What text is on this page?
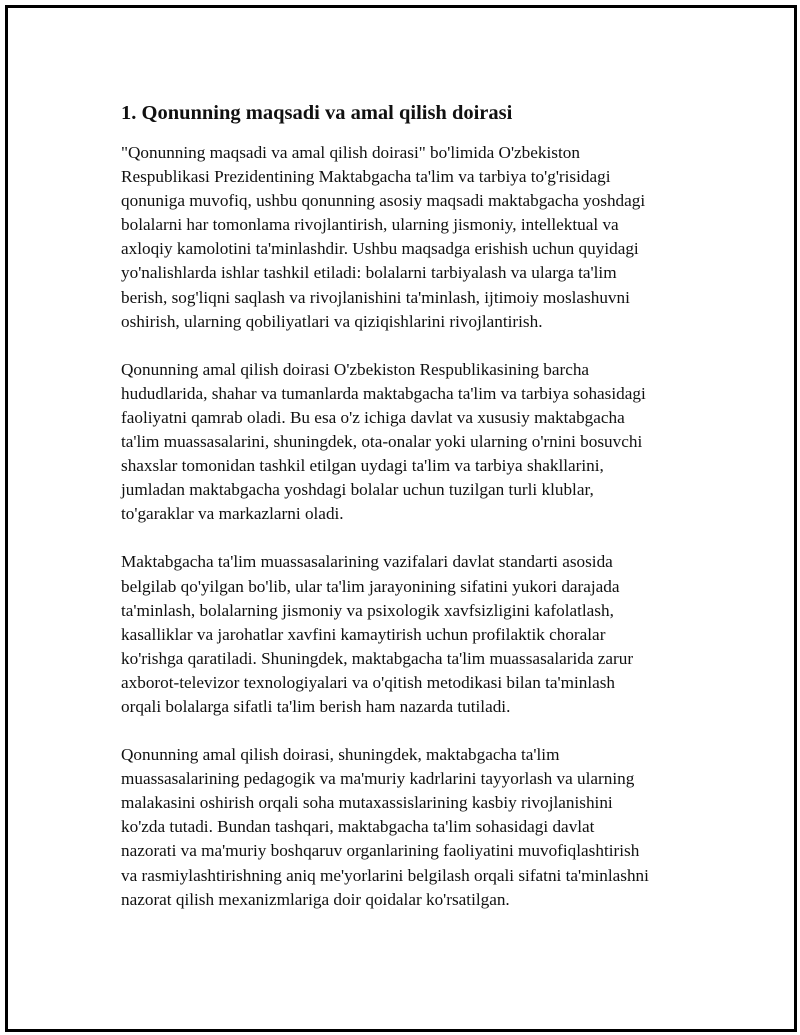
1. Qonunning maqsadi va amal qilish doirasi

"Qonunning maqsadi va amal qilish doirasi" bo'limida O'zbekiston
Respublikasi Prezidentining Maktabgacha ta'lim va tarbiya to'g'risidagi
qonuniga muvofiq, ushbu qonunning asosiy maqsadi maktabgacha yoshdagi
bolalarni har tomonlama rivojlantirish, ularning jismoniy, intellektual va
axloqiy kamolotini ta'minlashdir. Ushbu maqsadga erishish uchun quyidagi
yo'nalishlarda ishlar tashkil etiladi: bolalarni tarbiyalash va ularga ta'lim
berish, sog'liqni saqlash va rivojlanishini ta'minlash, ijtimoiy moslashuvni
oshirish, ularning qobiliyatlari va qiziqishlarini rivojlantirish.

Qonunning amal qilish doirasi O'zbekiston Respublikasining barcha
hududlarida, shahar va tumanlarda maktabgacha ta'lim va tarbiya sohasidagi
faoliyatni qamrab oladi. Bu esa o'z ichiga davlat va xususiy maktabgacha
ta'lim muassasalarini, shuningdek, ota-onalar yoki ularning o'rnini bosuvchi
shaxslar tomonidan tashkil etilgan uydagi ta'lim va tarbiya shakllarini,
jumladan maktabgacha yoshdagi bolalar uchun tuzilgan turli klublar,
to'garaklar va markazlarni oladi.

Maktabgacha ta'lim muassasalarining vazifalari davlat standarti asosida
belgilab qo'yilgan bo'lib, ular ta'lim jarayonining sifatini yukori darajada
ta'minlash, bolalarning jismoniy va psixologik xavfsizligini kafolatlash,
kasalliklar va jarohatlar xavfini kamaytirish uchun profilaktik choralar
ko'rishga qaratiladi. Shuningdek, maktabgacha ta'lim muassasalarida zarur
axborot-televizor texnologiyalari va o'qitish metodikasi bilan ta'minlash
orqali bolalarga sifatli ta'lim berish ham nazarda tutiladi.

Qonunning amal qilish doirasi, shuningdek, maktabgacha ta'lim
muassasalarining pedagogik va ma'muriy kadrlarini tayyorlash va ularning
malakasini oshirish orqali soha mutaxassislarining kasbiy rivojlanishini
ko'zda tutadi. Bundan tashqari, maktabgacha ta'lim sohasidagi davlat
nazorati va ma'muriy boshqaruv organlarining faoliyatini muvofiqlashtirish
va rasmiylashtirishning aniq me'yorlarini belgilash orqali sifatni ta'minlashni
nazorat qilish mexanizmlariga doir qoidalar ko'rsatilgan.
